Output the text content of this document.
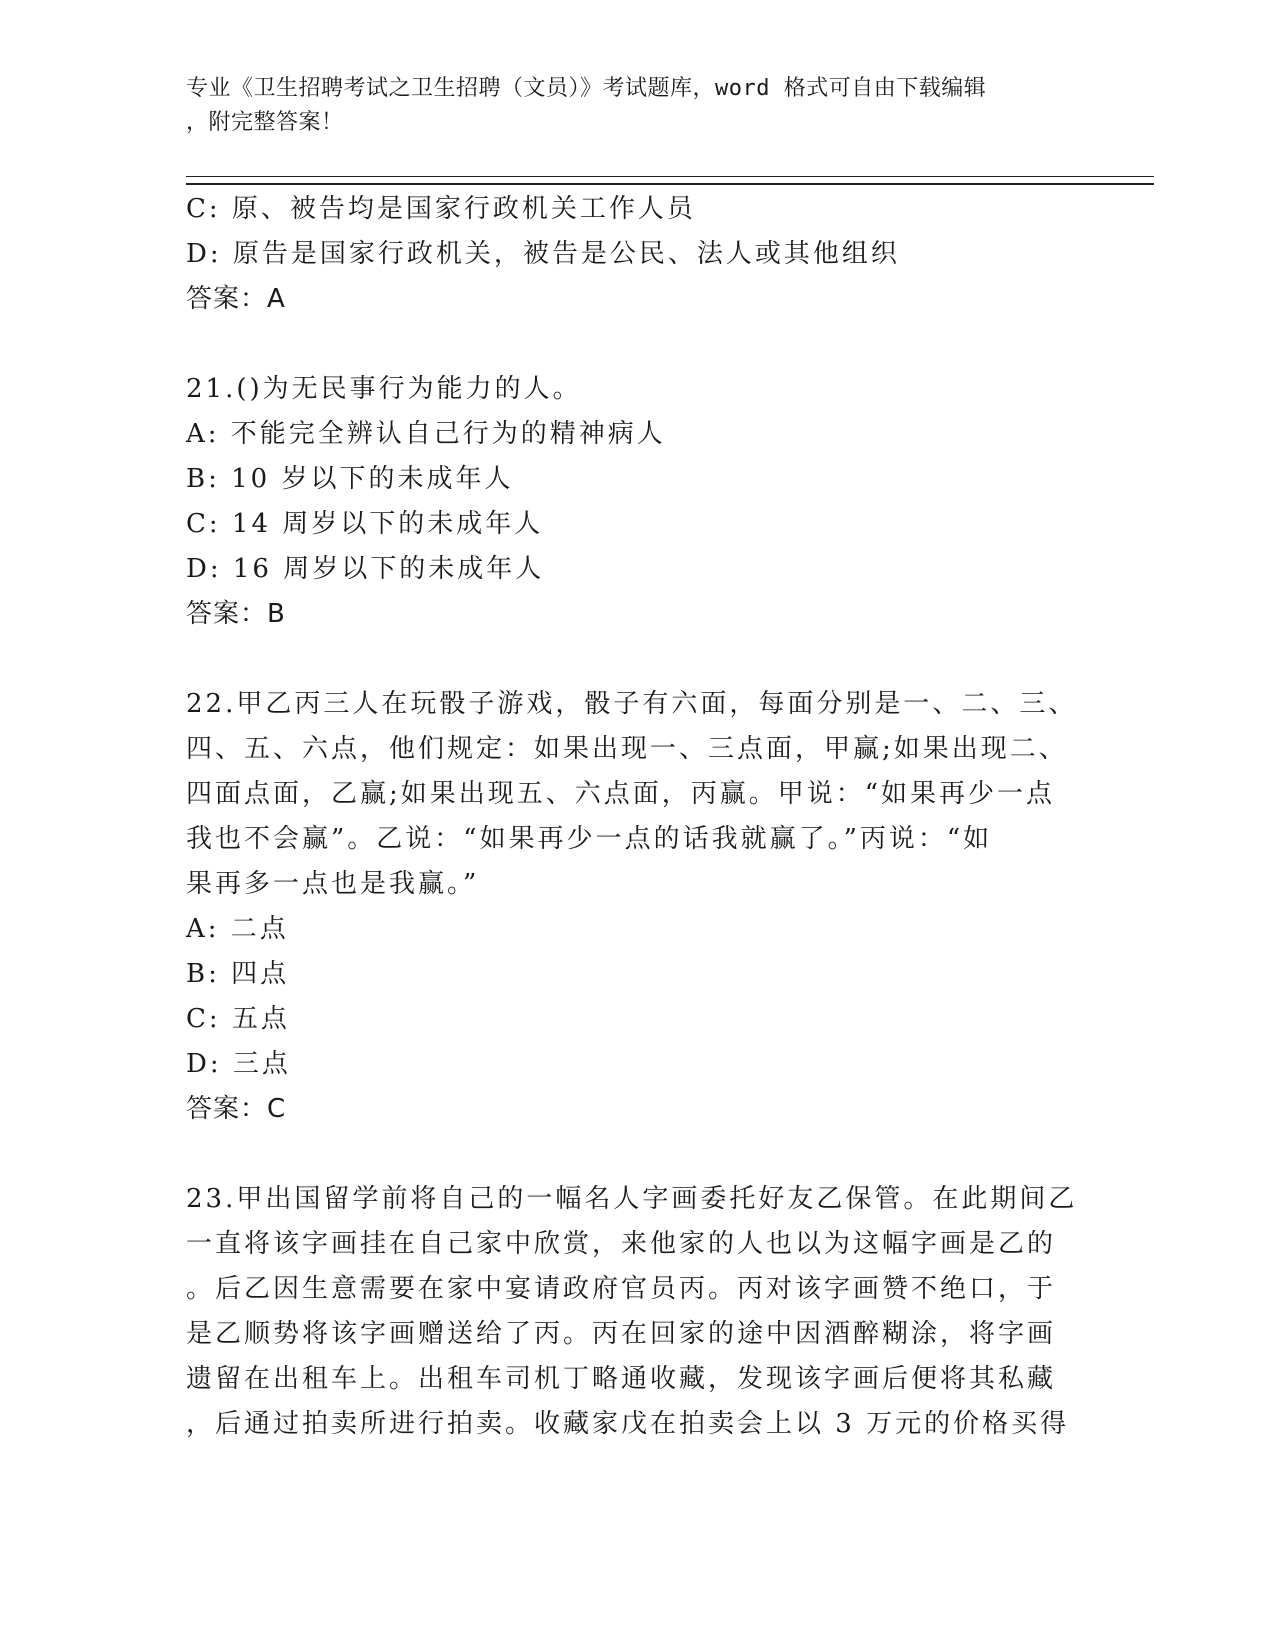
专业《卫生招聘考试之卫生招聘（文员）》考试题库，word 格式可自由下载编辑
，附完整答案！
C: 原、被告均是国家行政机关工作人员
D: 原告是国家行政机关，被告是公民、法人或其他组织
答案：A
21.()为无民事行为能力的人。
A: 不能完全辨认自己行为的精神病人
B: 10 岁以下的未成年人
C: 14 周岁以下的未成年人
D: 16 周岁以下的未成年人
答案：B
22.甲乙丙三人在玩骰子游戏，骰子有六面，每面分别是一、二、三、
四、五、六点，他们规定：如果出现一、三点面，甲赢;如果出现二、
四面点面，乙赢;如果出现五、六点面，丙赢。甲说：“如果再少一点
我也不会赢”。乙说：“如果再少一点的话我就赢了。”丙说：“如
果再多一点也是我赢。”
A: 二点
B: 四点
C: 五点
D: 三点
答案：C
23.甲出国留学前将自己的一幅名人字画委托好友乙保管。在此期间乙
一直将该字画挂在自己家中欣赏，来他家的人也以为这幅字画是乙的
。后乙因生意需要在家中宴请政府官员丙。丙对该字画赞不绝口，于
是乙顺势将该字画赠送给了丙。丙在回家的途中因酒醉糊涂，将字画
遗留在出租车上。出租车司机丁略通收藏，发现该字画后便将其私藏
，后通过拍卖所进行拍卖。收藏家戊在拍卖会上以 3 万元的价格买得
